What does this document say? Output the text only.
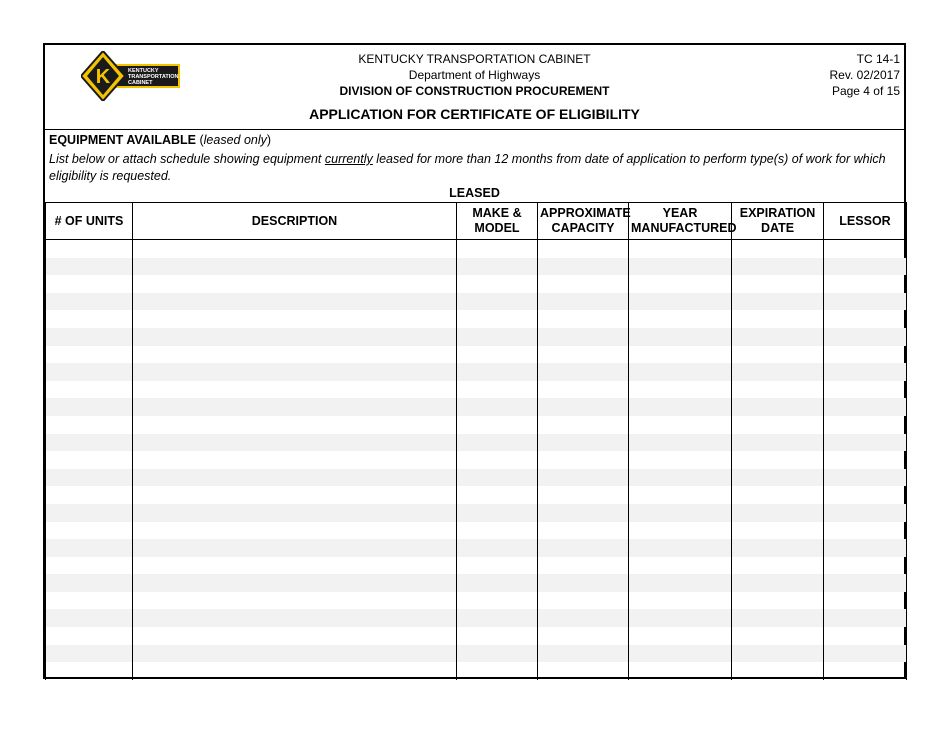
K	KENTUCKY
TRANSPORTATION
CABINET
KENTUCKY TRANSPORTATION CABINET
Department of Highways
DIVISION OF CONSTRUCTION PROCUREMENT
TC 14-1
Rev. 02/2017
Page 4 of 15
APPLICATION FOR CERTIFICATE OF ELIGIBILITY
EQUIPMENT AVAILABLE (leased only)
List below or attach schedule showing equipment currently leased for more than 12 months from date of application to perform type(s) of work for which eligibility is requested.
LEASED
# OF UNITS	DESCRIPTION	MAKE & MODEL	APPROXIMATE CAPACITY	YEAR MANUFACTURED	EXPIRATION DATE	LESSOR
